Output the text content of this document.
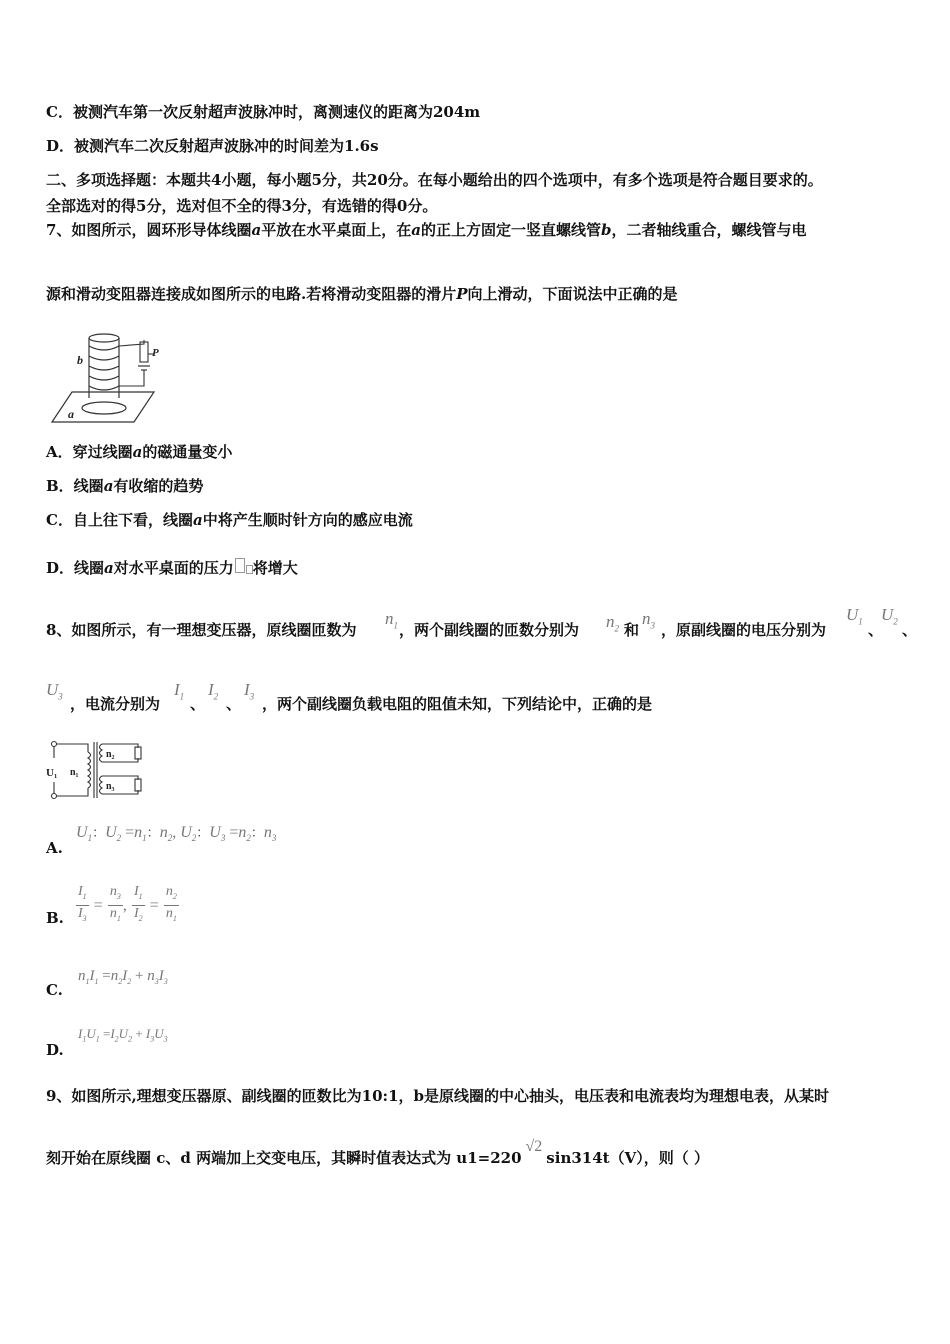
C．被测汽车第一次反射超声波脉冲时，离测速仪的距离为204m
D．被测汽车二次反射超声波脉冲的时间差为1.6s
二、多项选择题：本题共4小题，每小题5分，共20分。在每小题给出的四个选项中，有多个选项是符合题目要求的。
全部选对的得5分，选对但不全的得3分，有选错的得0分。
7、如图所示，圆环形导体线圈a平放在水平桌面上，在a的正上方固定一竖直螺线管b，二者轴线重合，螺线管与电
源和滑动变阻器连接成如图所示的电路.若将滑动变阻器的滑片P向上滑动，下面说法中正确的是
b	P
a
A．穿过线圈a的磁通量变小
B．线圈a有收缩的趋势
C．自上往下看，线圈a中将产生顺时针方向的感应电流
D．线圈a对水平桌面的压力 将增大
8、如图所示，有一理想变压器，原线圈匝数为
$n_1$ ，两个副线圈的匝数分别为 $n_2$ 和
$n_3$ ，原副线圈的电压分别为
$U_1$ 、
$U_2$ 、
$U_3$ ，电流分别为
$I_1$ 、
$I_2$ 、
$I_3$ ，两个副线圈负载电阻的阻值未知，下列结论中，正确的是
U₁ n₁
n₂
n₃
A.
$U_1$：$U_2 =n_1$：$n_2$, $U_2$：$U_3 =n_2$：$n_3$
B. $\frac{I_1}{I_3} = \frac{n_3}{n_1}$ , $\frac{I_1}{I_2} = \frac{n_2}{n_1}$
C.
$n_1I_1 =n_2I_2 + n_3I_3$
D.
$I_1U_1 =I_2U_2 + I_3U_3$
9、如图所示,理想变压器原、副线圈的匝数比为10:1，b是原线圈的中心抽头，电压表和电流表均为理想电表，从某时
刻开始在原线圈 c、d 两端加上交变电压，其瞬时值表达式为 u1=220√2sin314t（V），则（ ）
